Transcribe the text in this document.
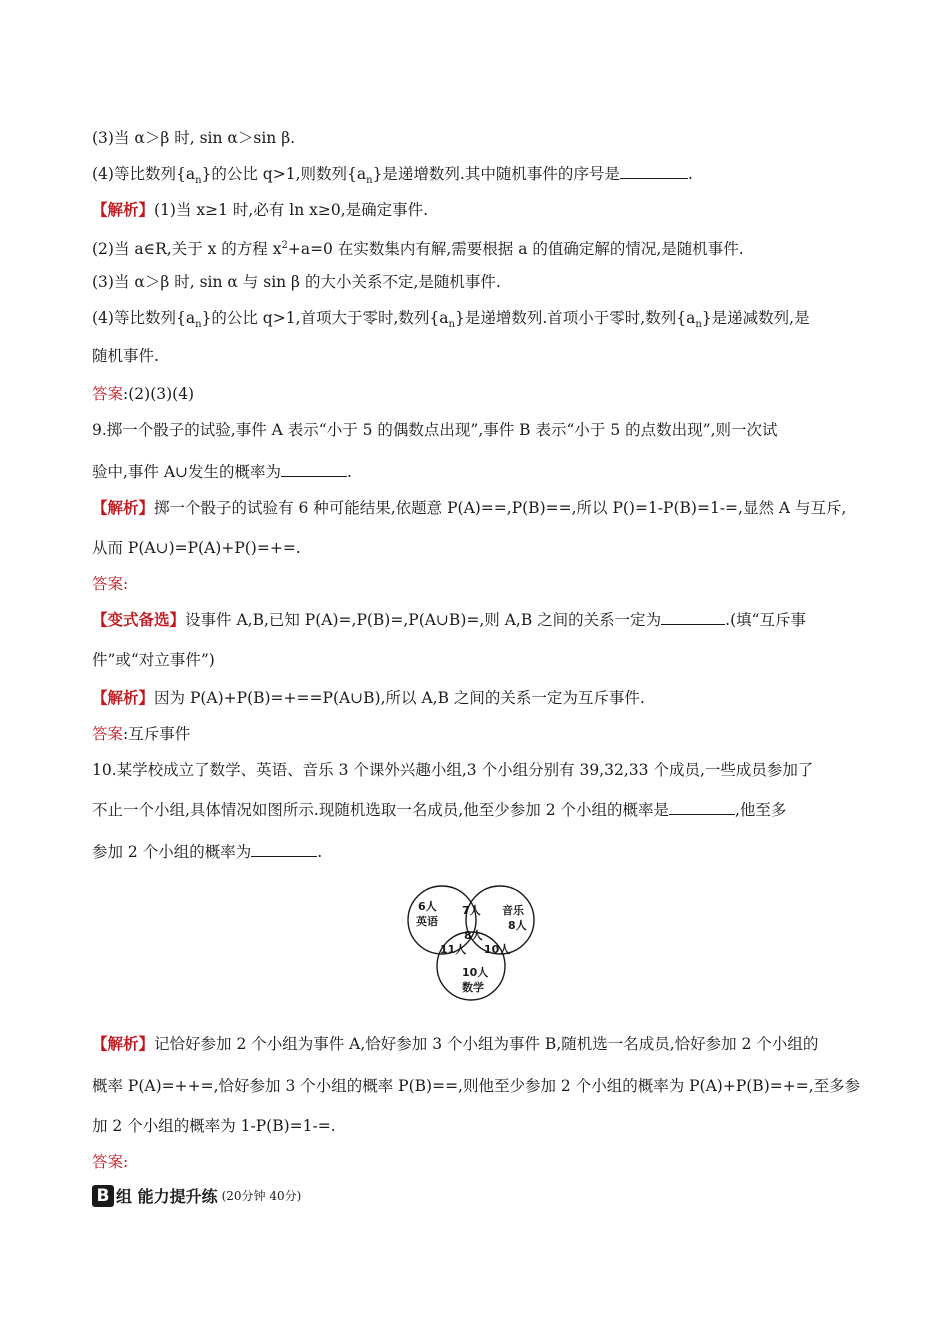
(3)当 α＞β 时, sin α＞sin β.
(4)等比数列$\{a_n\}$的公比 q>1,则数列$\{a_n\}$是递增数列.其中随机事件的序号是	.
【解析】(1)当 x≥1 时,必有 ln x≥0,是确定事件.
(2)当 a∈R,关于 x 的方程 $x^2+a=0$ 在实数集内有解,需要根据 a 的值确定解的情况,是随机事件.
(3)当 α＞β 时, sin α 与 sin β 的大小关系不定,是随机事件.
(4)等比数列$\{a_n\}$的公比 q>1,首项大于零时,数列$\{a_n\}$是递增数列.首项小于零时,数列$\{a_n\}$是递减数列,是
随机事件.
答案:(2)(3)(4)
9.掷一个骰子的试验,事件 A 表示“小于 5 的偶数点出现”,事件 B 表示“小于 5 的点数出现”,则一次试
验中,事件 A∪发生的概率为	.
【解析】掷一个骰子的试验有 6 种可能结果,依题意 P(A)==,P(B)==,所以 P()=1-P(B)=1-=,显然 A 与互斥,
从而 P(A∪)=P(A)+P()=+=.
答案:
【变式备选】设事件 A,B,已知 P(A)=,P(B)=,P(A∪B)=,则 A,B 之间的关系一定为	.(填“互斥事
件”或“对立事件”)
【解析】因为 P(A)+P(B)=+==P(A∪B),所以 A,B 之间的关系一定为互斥事件.
答案:互斥事件
10.某学校成立了数学、英语、音乐 3 个课外兴趣小组,3 个小组分别有 39,32,33 个成员,一些成员参加了
不止一个小组,具体情况如图所示.现随机选取一名成员,他至少参加 2 个小组的概率是	,他至多
参加 2 个小组的概率为	.
6人
英语
7人 音乐
8人
8人
11人 10人
10人
数学
【解析】记恰好参加 2 个小组为事件 A,恰好参加 3 个小组为事件 B,随机选一名成员,恰好参加 2 个小组的
概率 P(A)=++=,恰好参加 3 个小组的概率 P(B)==,则他至少参加 2 个小组的概率为 P(A)+P(B)=+=,至多参
加 2 个小组的概率为 1-P(B)=1-=.
答案:
B 组 能力提升练 (20分钟 40分)
